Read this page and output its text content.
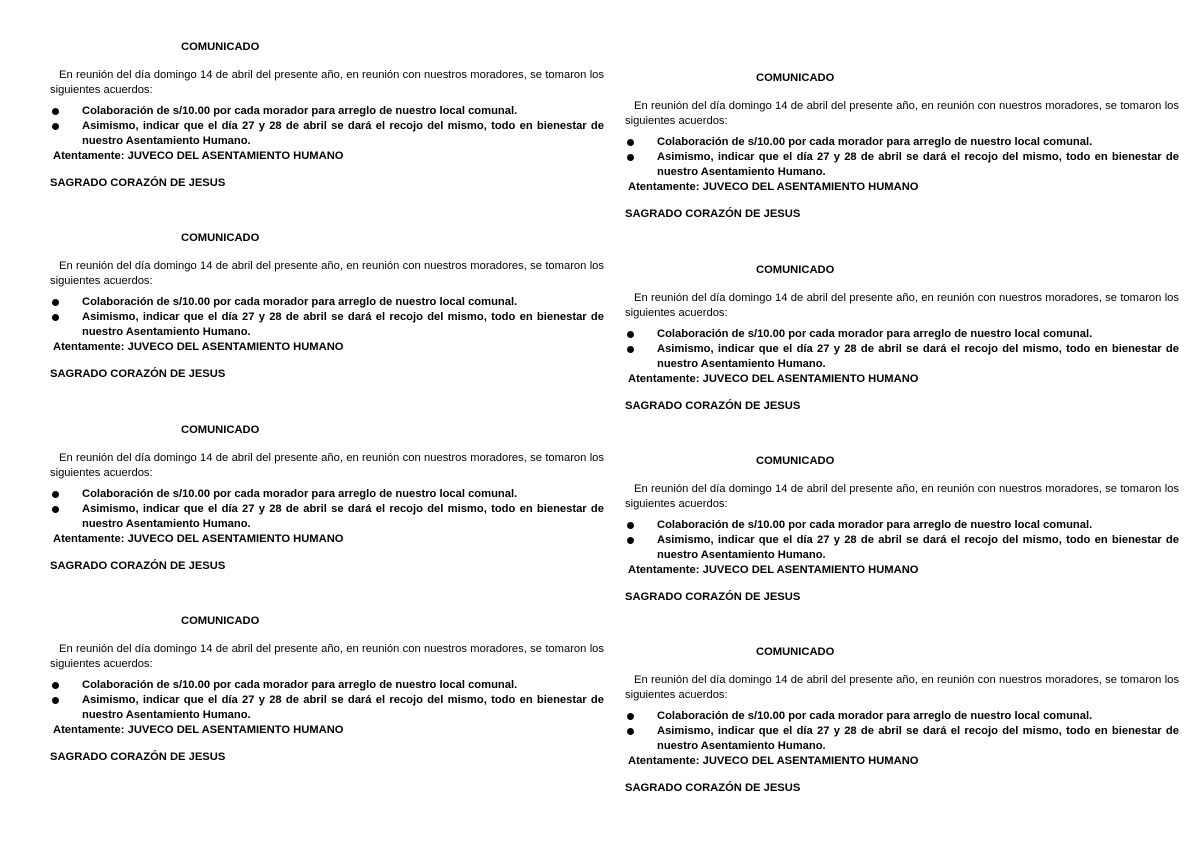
COMUNICADO
En reunión del día domingo 14 de abril del presente año, en reunión con nuestros moradores, se tomaron los siguientes acuerdos:
Colaboración de s/10.00 por cada morador para arreglo de nuestro local comunal.
Asimismo, indicar que el día 27 y 28 de abril se dará el recojo del mismo, todo en bienestar de nuestro Asentamiento Humano.
Atentamente: JUVECO DEL ASENTAMIENTO HUMANO
SAGRADO CORAZÓN DE JESUS
COMUNICADO
En reunión del día domingo 14 de abril del presente año, en reunión con nuestros moradores, se tomaron los siguientes acuerdos:
Colaboración de s/10.00 por cada morador para arreglo de nuestro local comunal.
Asimismo, indicar que el día 27 y 28 de abril se dará el recojo del mismo, todo en bienestar de nuestro Asentamiento Humano.
Atentamente: JUVECO DEL ASENTAMIENTO HUMANO
SAGRADO CORAZÓN DE JESUS
COMUNICADO
En reunión del día domingo 14 de abril del presente año, en reunión con nuestros moradores, se tomaron los siguientes acuerdos:
Colaboración de s/10.00 por cada morador para arreglo de nuestro local comunal.
Asimismo, indicar que el día 27 y 28 de abril se dará el recojo del mismo, todo en bienestar de nuestro Asentamiento Humano.
Atentamente: JUVECO DEL ASENTAMIENTO HUMANO
SAGRADO CORAZÓN DE JESUS
COMUNICADO
En reunión del día domingo 14 de abril del presente año, en reunión con nuestros moradores, se tomaron los siguientes acuerdos:
Colaboración de s/10.00 por cada morador para arreglo de nuestro local comunal.
Asimismo, indicar que el día 27 y 28 de abril se dará el recojo del mismo, todo en bienestar de nuestro Asentamiento Humano.
Atentamente: JUVECO DEL ASENTAMIENTO HUMANO
SAGRADO CORAZÓN DE JESUS
COMUNICADO
En reunión del día domingo 14 de abril del presente año, en reunión con nuestros moradores, se tomaron los siguientes acuerdos:
Colaboración de s/10.00 por cada morador para arreglo de nuestro local comunal.
Asimismo, indicar que el día 27 y 28 de abril se dará el recojo del mismo, todo en bienestar de nuestro Asentamiento Humano.
Atentamente: JUVECO DEL ASENTAMIENTO HUMANO
SAGRADO CORAZÓN DE JESUS
COMUNICADO
En reunión del día domingo 14 de abril del presente año, en reunión con nuestros moradores, se tomaron los siguientes acuerdos:
Colaboración de s/10.00 por cada morador para arreglo de nuestro local comunal.
Asimismo, indicar que el día 27 y 28 de abril se dará el recojo del mismo, todo en bienestar de nuestro Asentamiento Humano.
Atentamente: JUVECO DEL ASENTAMIENTO HUMANO
SAGRADO CORAZÓN DE JESUS
COMUNICADO
En reunión del día domingo 14 de abril del presente año, en reunión con nuestros moradores, se tomaron los siguientes acuerdos:
Colaboración de s/10.00 por cada morador para arreglo de nuestro local comunal.
Asimismo, indicar que el día 27 y 28 de abril se dará el recojo del mismo, todo en bienestar de nuestro Asentamiento Humano.
Atentamente: JUVECO DEL ASENTAMIENTO HUMANO
SAGRADO CORAZÓN DE JESUS
COMUNICADO
En reunión del día domingo 14 de abril del presente año, en reunión con nuestros moradores, se tomaron los siguientes acuerdos:
Colaboración de s/10.00 por cada morador para arreglo de nuestro local comunal.
Asimismo, indicar que el día 27 y 28 de abril se dará el recojo del mismo, todo en bienestar de nuestro Asentamiento Humano.
Atentamente: JUVECO DEL ASENTAMIENTO HUMANO
SAGRADO CORAZÓN DE JESUS
